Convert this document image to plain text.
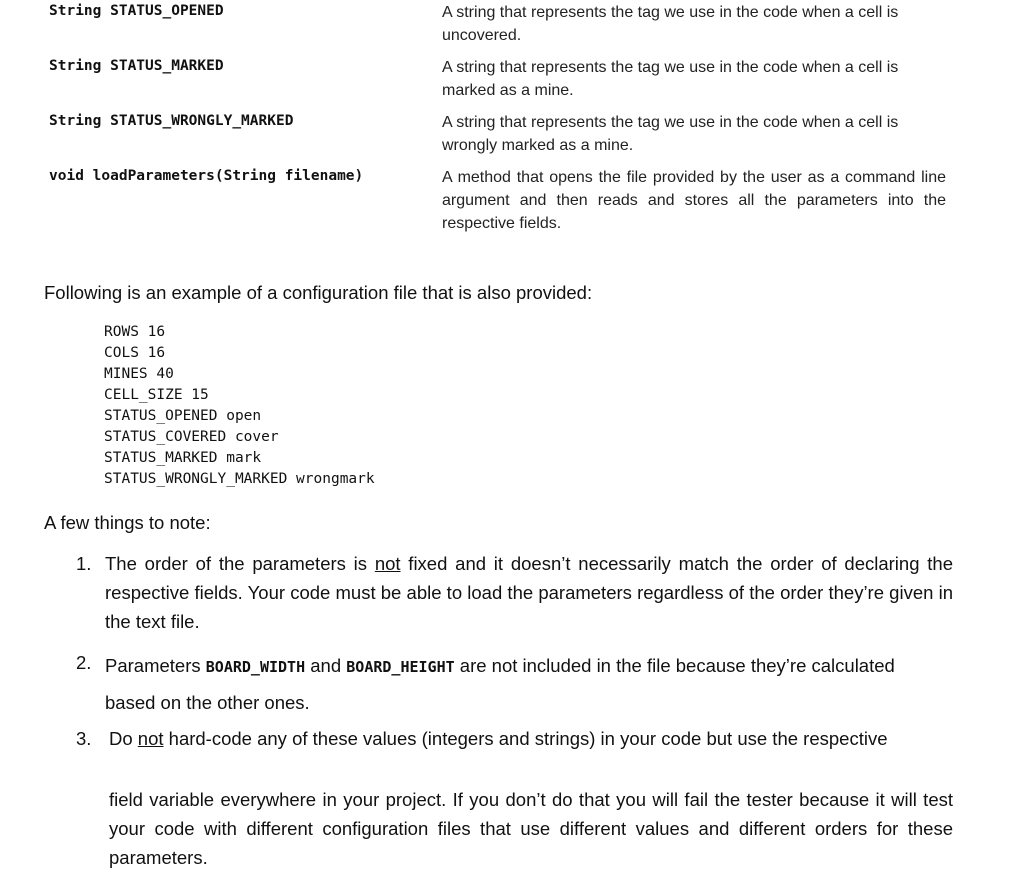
String STATUS_OPENED	A string that represents the tag we use in the code when a cell is uncovered.
String STATUS_MARKED	A string that represents the tag we use in the code when a cell is marked as a mine.
String STATUS_WRONGLY_MARKED	A string that represents the tag we use in the code when a cell is wrongly marked as a mine.
void loadParameters(String filename)	A method that opens the file provided by the user as a command line argument and then reads and stores all the parameters into the respective fields.
Following is an example of a configuration file that is also provided:
ROWS 16
COLS 16
MINES 40
CELL_SIZE 15
STATUS_OPENED open
STATUS_COVERED cover
STATUS_MARKED mark
STATUS_WRONGLY_MARKED wrongmark
A few things to note:
1. The order of the parameters is not fixed and it doesn’t necessarily match the order of declaring the respective fields. Your code must be able to load the parameters regardless of the order they’re given in the text file.
2. Parameters BOARD_WIDTH and BOARD_HEIGHT are not included in the file because they’re calculated
based on the other ones.
3. Do not hard-code any of these values (integers and strings) in your code but use the respective
field variable everywhere in your project. If you don’t do that you will fail the tester because it will test your code with different configuration files that use different values and different orders for these parameters.
